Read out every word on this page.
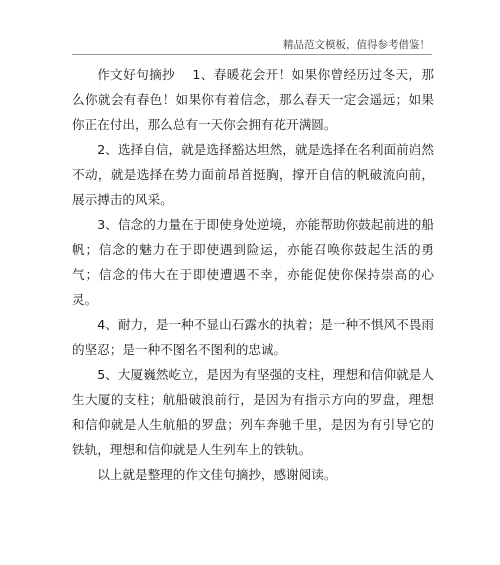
精品范文模板，值得参考借鉴！

作文好句摘抄　 1、春暖花会开！如果你曾经历过冬天，那么你就会有春色！如果你有着信念，那么春天一定会遥远；如果你正在付出，那么总有一天你会拥有花开满圆。

2、选择自信，就是选择豁达坦然，就是选择在名利面前岿然不动，就是选择在势力面前昂首挺胸，撑开自信的帆破流向前，展示搏击的风采。

3、信念的力量在于即使身处逆境，亦能帮助你鼓起前进的船帆；信念的魅力在于即使遇到险运，亦能召唤你鼓起生活的勇气；信念的伟大在于即使遭遇不幸，亦能促使你保持崇高的心灵。

4、耐力，是一种不显山石露水的执着；是一种不惧风不畏雨的坚忍；是一种不图名不图利的忠诚。

5、大厦巍然屹立，是因为有坚强的支柱，理想和信仰就是人生大厦的支柱；航船破浪前行，是因为有指示方向的罗盘，理想和信仰就是人生航船的罗盘；列车奔驰千里，是因为有引导它的铁轨，理想和信仰就是人生列车上的铁轨。

以上就是整理的作文佳句摘抄，感谢阅读。
